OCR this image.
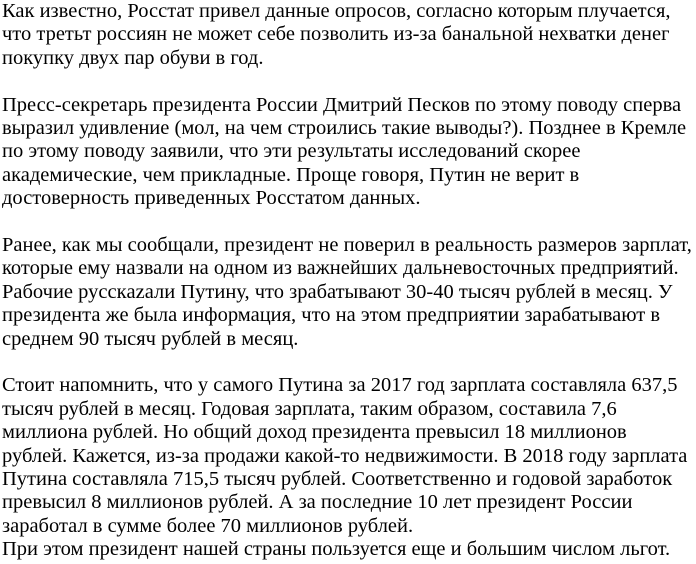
Как известно, Росстат привел данные опросов, согласно которым плучается,
что третьт россиян не может себе позволить из-за банальной нехватки денег
покупку двух пар обуви в год.

Пресс-секретарь президента России Дмитрий Песков по этому поводу сперва
выразил удивление (мол, на чем строились такие выводы?). Позднее в Кремле
по этому поводу заявили, что эти результаты исследований скорее
академические, чем прикладные. Проще говоря, Путин не верит в
достоверность приведенных Росстатом данных.

Ранее, как мы сообщали, президент не поверил в реальность размеров зарплат,
которые ему назвали на одном из важнейших дальневосточных предприятий.
Рабочие русскazали Путину, что зрабатывают 30-40 тысяч рублей в месяц. У
президента же была информация, что на этом предприятии зарабатывают в
среднем 90 тысяч рублей в месяц.

Стоит напомнить, что у самого Путина за 2017 год зарплата составляла 637,5
тысяч рублей в месяц. Годовая зарплата, таким образом, составила 7,6
миллиона рублей. Но общий доход президента превысил 18 миллионов
рублей. Кажется, из-за продажи какой-то недвижимости. В 2018 году зарплата
Путина составляла 715,5 тысяч рублей. Соответственно и годовой заработок
превысил 8 миллионов рублей. А за последние 10 лет президент России
заработал в сумме более 70 миллионов рублей.
При этом президент нашей страны пользуется еще и большим числом льгот.
